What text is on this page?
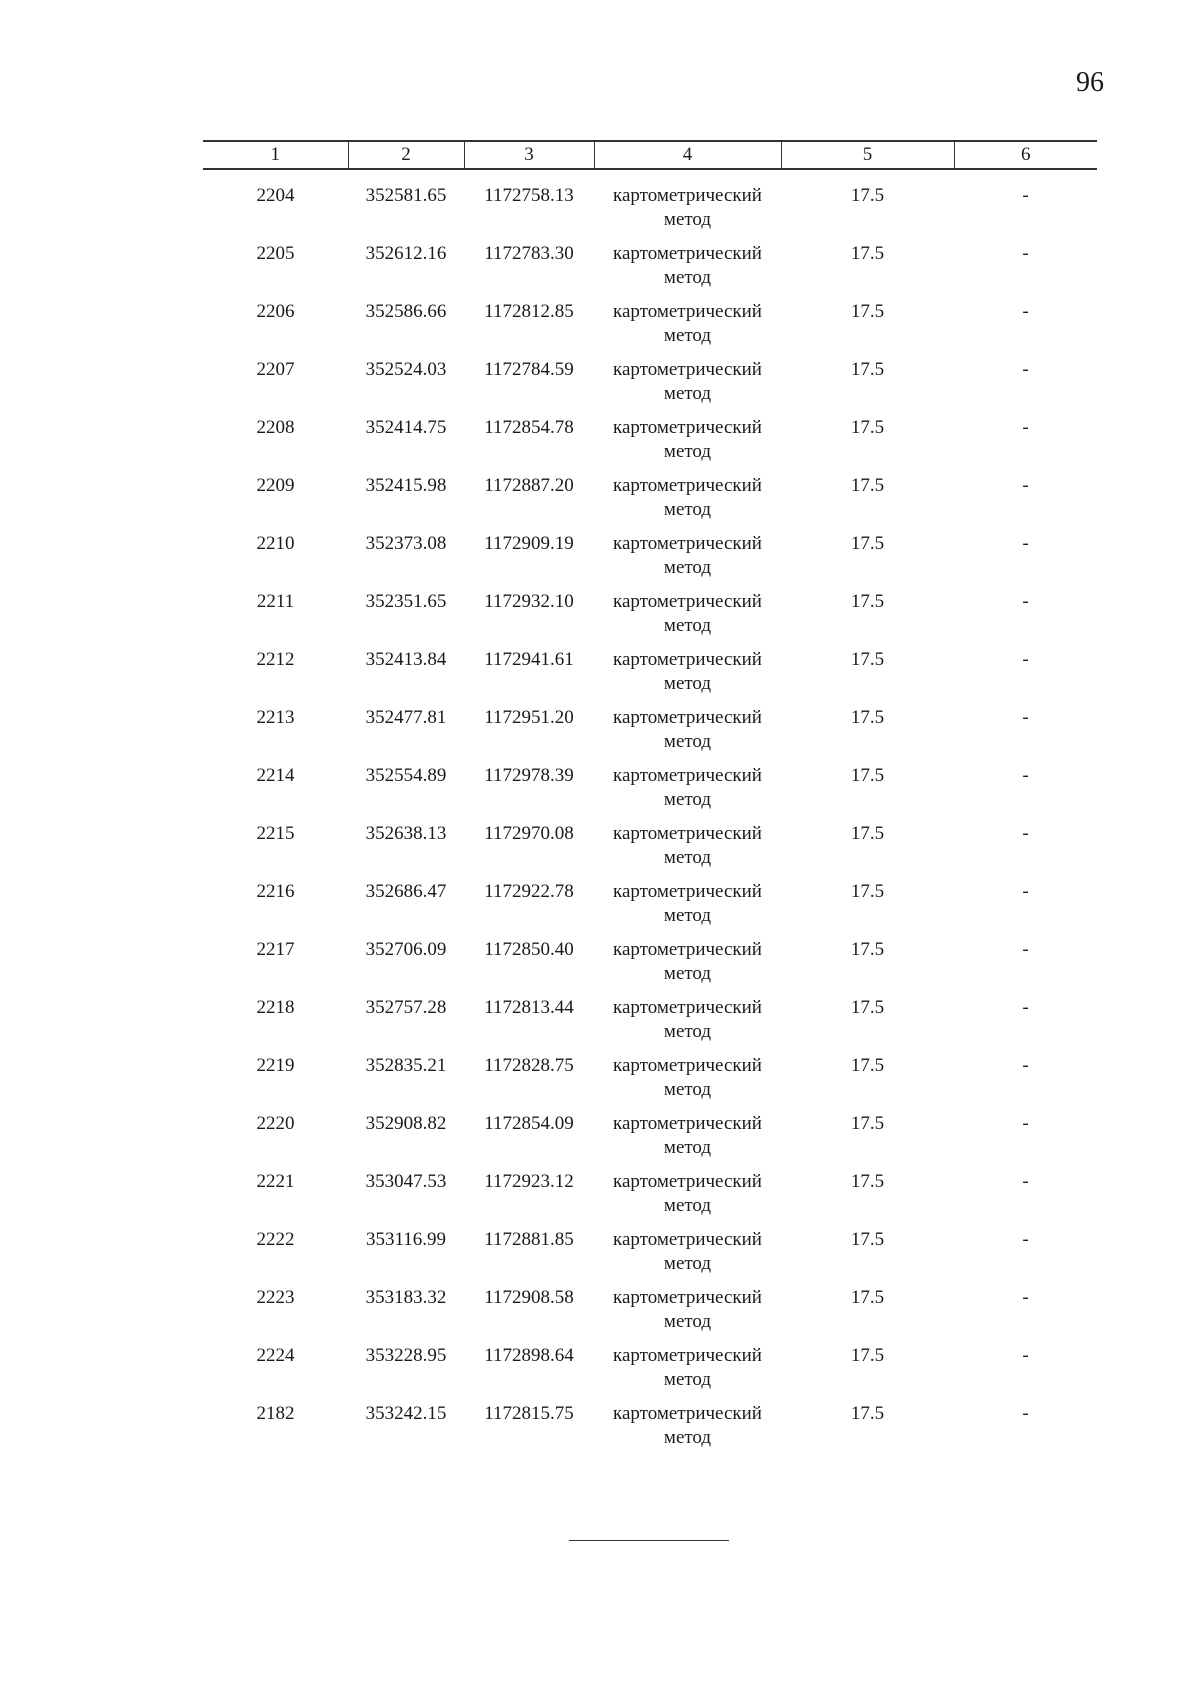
96
1	2	3	4	5	6
2204	352581.65	1172758.13	картометрический метод	17.5	-
2205	352612.16	1172783.30	картометрический метод	17.5	-
2206	352586.66	1172812.85	картометрический метод	17.5	-
2207	352524.03	1172784.59	картометрический метод	17.5	-
2208	352414.75	1172854.78	картометрический метод	17.5	-
2209	352415.98	1172887.20	картометрический метод	17.5	-
2210	352373.08	1172909.19	картометрический метод	17.5	-
2211	352351.65	1172932.10	картометрический метод	17.5	-
2212	352413.84	1172941.61	картометрический метод	17.5	-
2213	352477.81	1172951.20	картометрический метод	17.5	-
2214	352554.89	1172978.39	картометрический метод	17.5	-
2215	352638.13	1172970.08	картометрический метод	17.5	-
2216	352686.47	1172922.78	картометрический метод	17.5	-
2217	352706.09	1172850.40	картометрический метод	17.5	-
2218	352757.28	1172813.44	картометрический метод	17.5	-
2219	352835.21	1172828.75	картометрический метод	17.5	-
2220	352908.82	1172854.09	картометрический метод	17.5	-
2221	353047.53	1172923.12	картометрический метод	17.5	-
2222	353116.99	1172881.85	картометрический метод	17.5	-
2223	353183.32	1172908.58	картометрический метод	17.5	-
2224	353228.95	1172898.64	картометрический метод	17.5	-
2182	353242.15	1172815.75	картометрический метод	17.5	-
